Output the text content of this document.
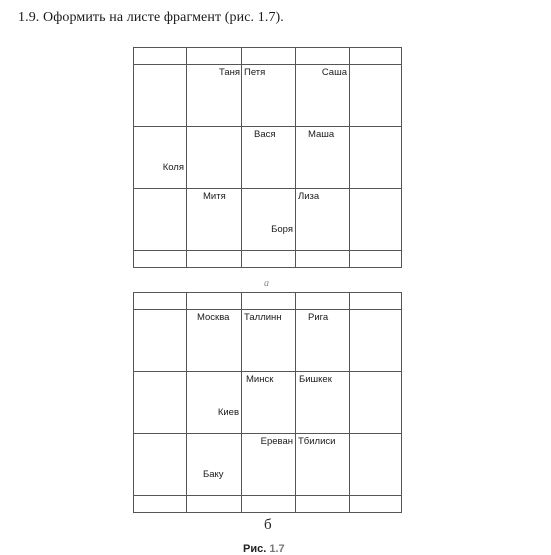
1.9. Оформить на листе фрагмент (рис. 1.7).

	Таня	Петя	Саша	

Коля		Вася	Маша	

	Митя	Боря	Лиза	

а

	Москва	Таллинн	Рига	

	Киев	Минск	Бишкек	

	Баку	Ереван	Тбилиси	

б
Рис. 1.7
